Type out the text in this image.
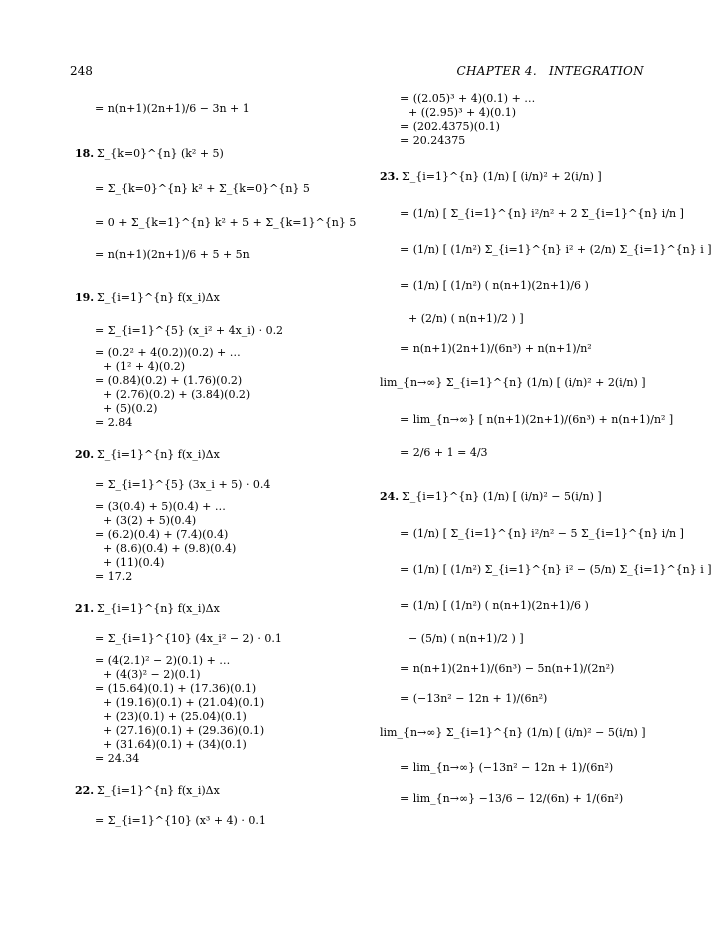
248	CHAPTER 4. INTEGRATION
= n(n+1)(2n+1)/6 − 3n + 1
18. Σ_{k=0}^{n} (k² + 5)
= Σ_{k=0}^{n} k² + Σ_{k=0}^{n} 5
= 0 + Σ_{k=1}^{n} k² + 5 + Σ_{k=1}^{n} 5
= n(n+1)(2n+1)/6 + 5 + 5n
19. Σ_{i=1}^{n} f(x_i)Δx
= Σ_{i=1}^{5} (x_i² + 4x_i) · 0.2
= (0.2² + 4(0.2))(0.2) + …
+ (1² + 4)(0.2)
= (0.84)(0.2) + (1.76)(0.2)
+ (2.76)(0.2) + (3.84)(0.2)
+ (5)(0.2)
= 2.84
20. Σ_{i=1}^{n} f(x_i)Δx
= Σ_{i=1}^{5} (3x_i + 5) · 0.4
= (3(0.4) + 5)(0.4) + …
+ (3(2) + 5)(0.4)
= (6.2)(0.4) + (7.4)(0.4)
+ (8.6)(0.4) + (9.8)(0.4)
+ (11)(0.4)
= 17.2
21. Σ_{i=1}^{n} f(x_i)Δx
= Σ_{i=1}^{10} (4x_i² − 2) · 0.1
= (4(2.1)² − 2)(0.1) + …
+ (4(3)² − 2)(0.1)
= (15.64)(0.1) + (17.36)(0.1)
+ (19.16)(0.1) + (21.04)(0.1)
+ (23)(0.1) + (25.04)(0.1)
+ (27.16)(0.1) + (29.36)(0.1)
+ (31.64)(0.1) + (34)(0.1)
= 24.34
22. Σ_{i=1}^{n} f(x_i)Δx
= Σ_{i=1}^{10} (x³ + 4) · 0.1
= ((2.05)³ + 4)(0.1) + …
+ ((2.95)³ + 4)(0.1)
= (202.4375)(0.1)
= 20.24375
23. Σ_{i=1}^{n} (1/n) [ (i/n)² + 2(i/n) ]
= (1/n) [ Σ_{i=1}^{n} i²/n² + 2 Σ_{i=1}^{n} i/n ]
= (1/n) [ (1/n²) Σ_{i=1}^{n} i² + (2/n) Σ_{i=1}^{n} i ]
= (1/n) [ (1/n²) ( n(n+1)(2n+1)/6 )
+ (2/n) ( n(n+1)/2 ) ]
= n(n+1)(2n+1)/(6n³) + n(n+1)/n²
lim_{n→∞} Σ_{i=1}^{n} (1/n) [ (i/n)² + 2(i/n) ]
= lim_{n→∞} [ n(n+1)(2n+1)/(6n³) + n(n+1)/n² ]
= 2/6 + 1 = 4/3
24. Σ_{i=1}^{n} (1/n) [ (i/n)² − 5(i/n) ]
= (1/n) [ Σ_{i=1}^{n} i²/n² − 5 Σ_{i=1}^{n} i/n ]
= (1/n) [ (1/n²) Σ_{i=1}^{n} i² − (5/n) Σ_{i=1}^{n} i ]
= (1/n) [ (1/n²) ( n(n+1)(2n+1)/6 )
− (5/n) ( n(n+1)/2 ) ]
= n(n+1)(2n+1)/(6n³) − 5n(n+1)/(2n²)
= (−13n² − 12n + 1)/(6n²)
lim_{n→∞} Σ_{i=1}^{n} (1/n) [ (i/n)² − 5(i/n) ]
= lim_{n→∞} (−13n² − 12n + 1)/(6n²)
= lim_{n→∞} −13/6 − 12/(6n) + 1/(6n²)
